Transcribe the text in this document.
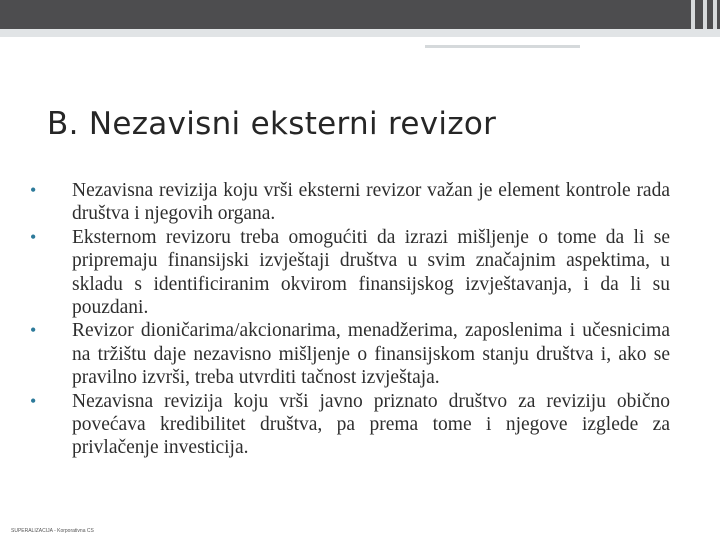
B. Nezavisni eksterni revizor
• Nezavisna revizija koju vrši eksterni revizor važan je element kontrole rada društva i njegovih organa.
• Eksternom revizoru treba omogućiti da izrazi mišljenje o tome da li se pripremaju finansijski izvještaji društva u svim značajnim aspektima, u skladu s identificiranim okvirom finansijskog izvještavanja, i da li su pouzdani.
• Revizor dioničarima/akcionarima, menadžerima, zaposlenima i učesnicima na tržištu daje nezavisno mišljenje o finansijskom stanju društva i, ako se pravilno izvrši, treba utvrditi tačnost izvještaja.
• Nezavisna revizija koju vrši javno priznato društvo za reviziju obično povećava kredibilitet društva, pa prema tome i njegove izglede za privlačenje investicija.
SUPERALIZACIJA - Korporativna CS
